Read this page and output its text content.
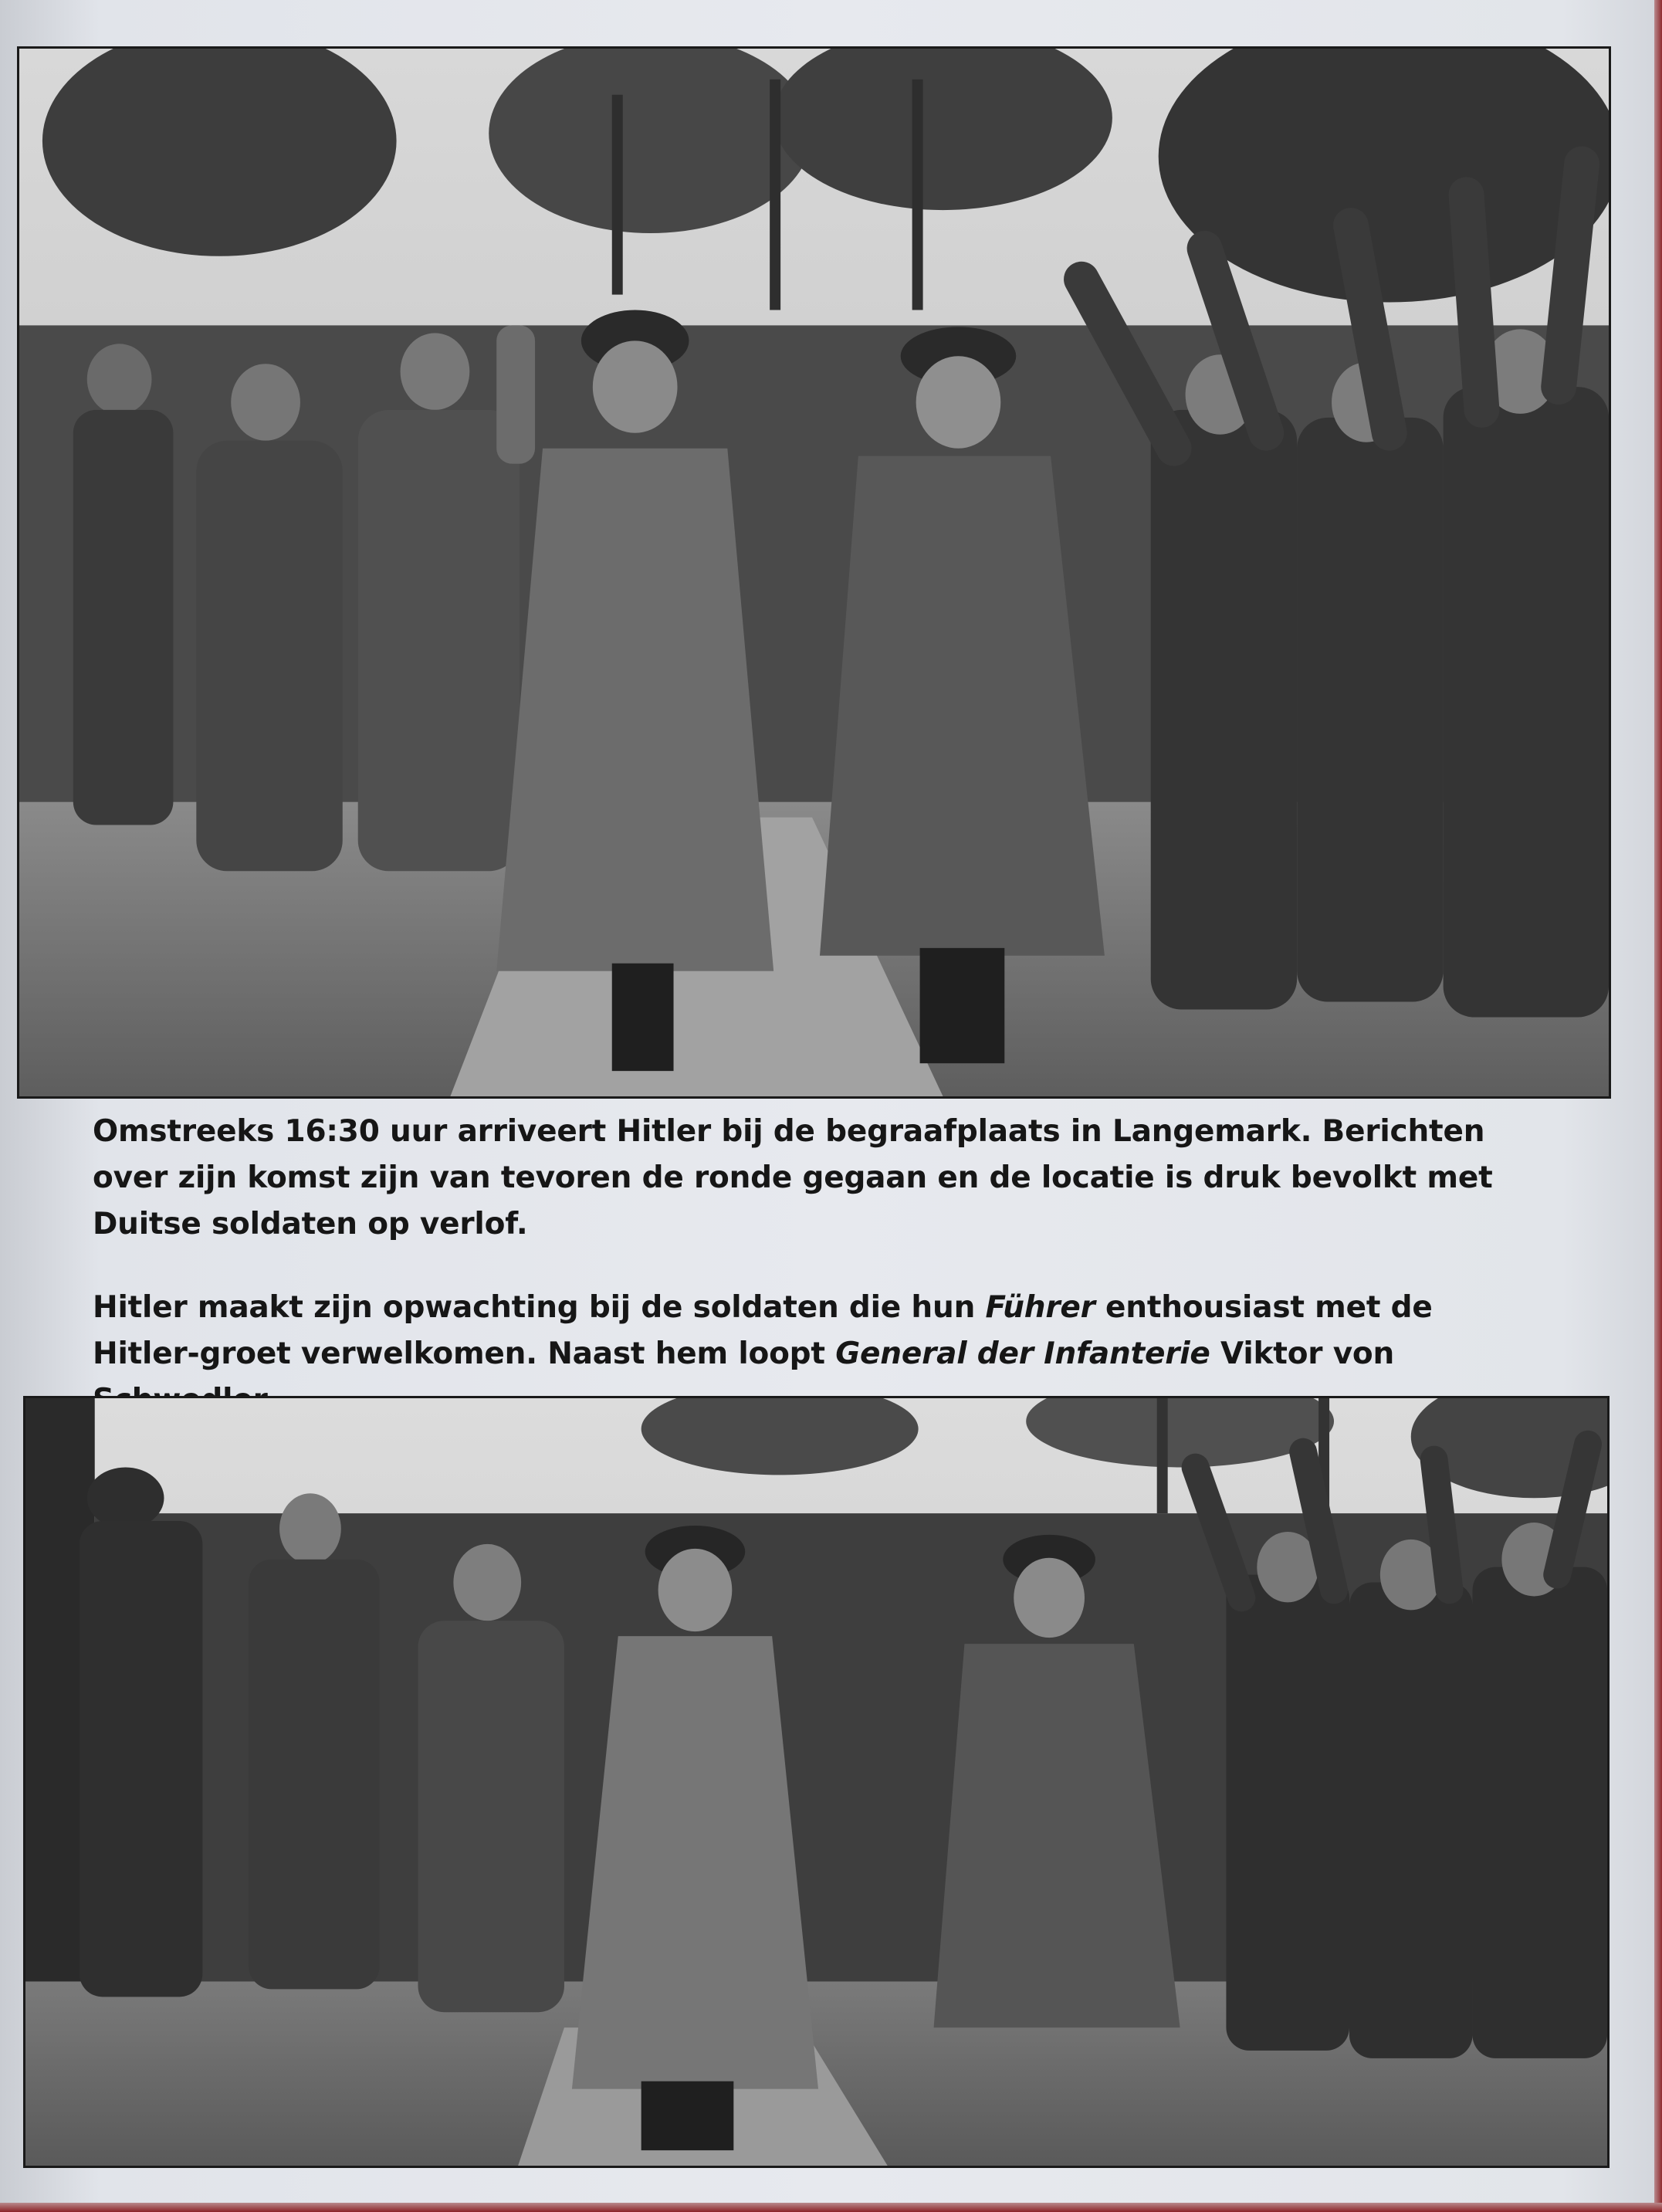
Omstreeks 16:30 uur arriveert Hitler bij de begraafplaats in Langemark. Berichten over zijn komst zijn van tevoren de ronde gegaan en de locatie is druk bevolkt met Duitse soldaten op verlof.

Hitler maakt zijn opwachting bij de soldaten die hun Führer enthousiast met de Hitler-groet verwelkomen. Naast hem loopt General der Infanterie Viktor von
